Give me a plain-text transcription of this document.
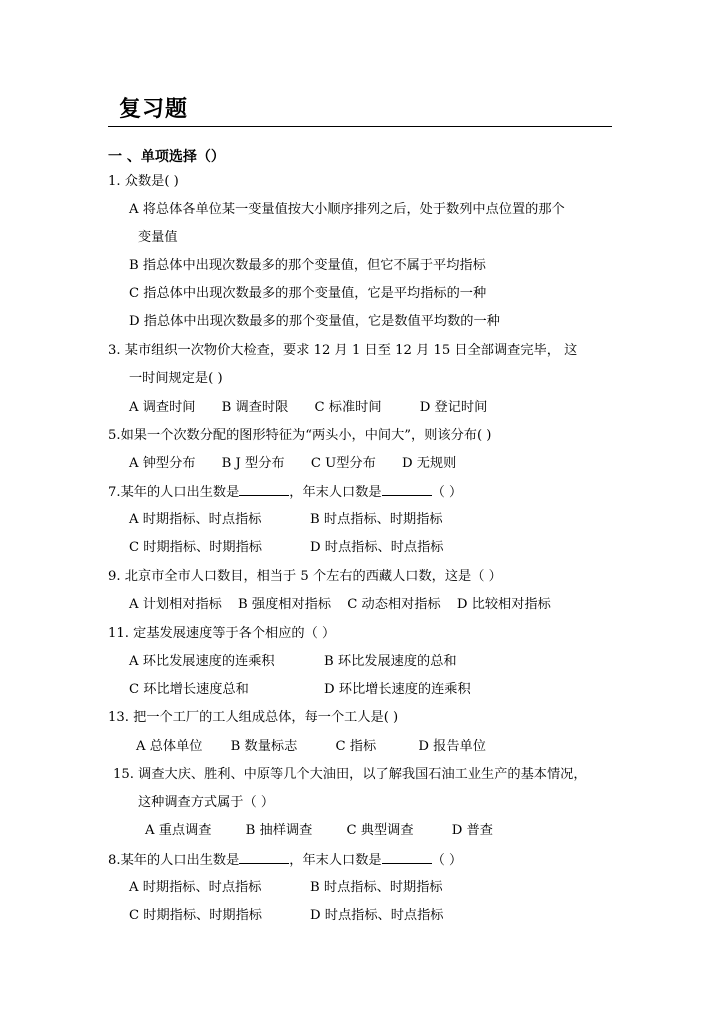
复习题
一 、单项选择（）
1. 众数是( )
A 将总体各单位某一变量值按大小顺序排列之后，处于数列中点位置的那个
变量值
B 指总体中出现次数最多的那个变量值，但它不属于平均指标
C 指总体中出现次数最多的那个变量值，它是平均指标的一种
D 指总体中出现次数最多的那个变量值，它是数值平均数的一种
3. 某市组织一次物价大检查，要求 12 月 1 日至 12 月 15 日全部调查完毕， 这
一时间规定是( )
A 调查时间 B 调查时限 C 标准时间	D 登记时间
5.如果一个次数分配的图形特征为“两头小，中间大”，则该分布( )
A 钟型分布 B J 型分布 C U型分布 D 无规则
7.某年的人口出生数是	，年末人口数是	（ ）
A 时期指标、时点指标	B 时点指标、时期指标
C 时期指标、时期指标	D 时点指标、时点指标
9. 北京市全市人口数目，相当于 5 个左右的西藏人口数，这是（ ）
A 计划相对指标 B 强度相对指标 C 动态相对指标 D 比较相对指标
11. 定基发展速度等于各个相应的（ ）
A 环比发展速度的连乘积	B 环比发展速度的总和
C 环比增长速度总和	D 环比增长速度的连乘积
13. 把一个工厂的工人组成总体，每一个工人是( )
A 总体单位 B 数量标志	C 指标	D 报告单位
15. 调查大庆、胜利、中原等几个大油田，以了解我国石油工业生产的基本情况，
这种调查方式属于（ ）
A 重点调查	B 抽样调查	C 典型调查	D 普查
8.某年的人口出生数是	，年末人口数是	（ ）
A 时期指标、时点指标	B 时点指标、时期指标
C 时期指标、时期指标	D 时点指标、时点指标
